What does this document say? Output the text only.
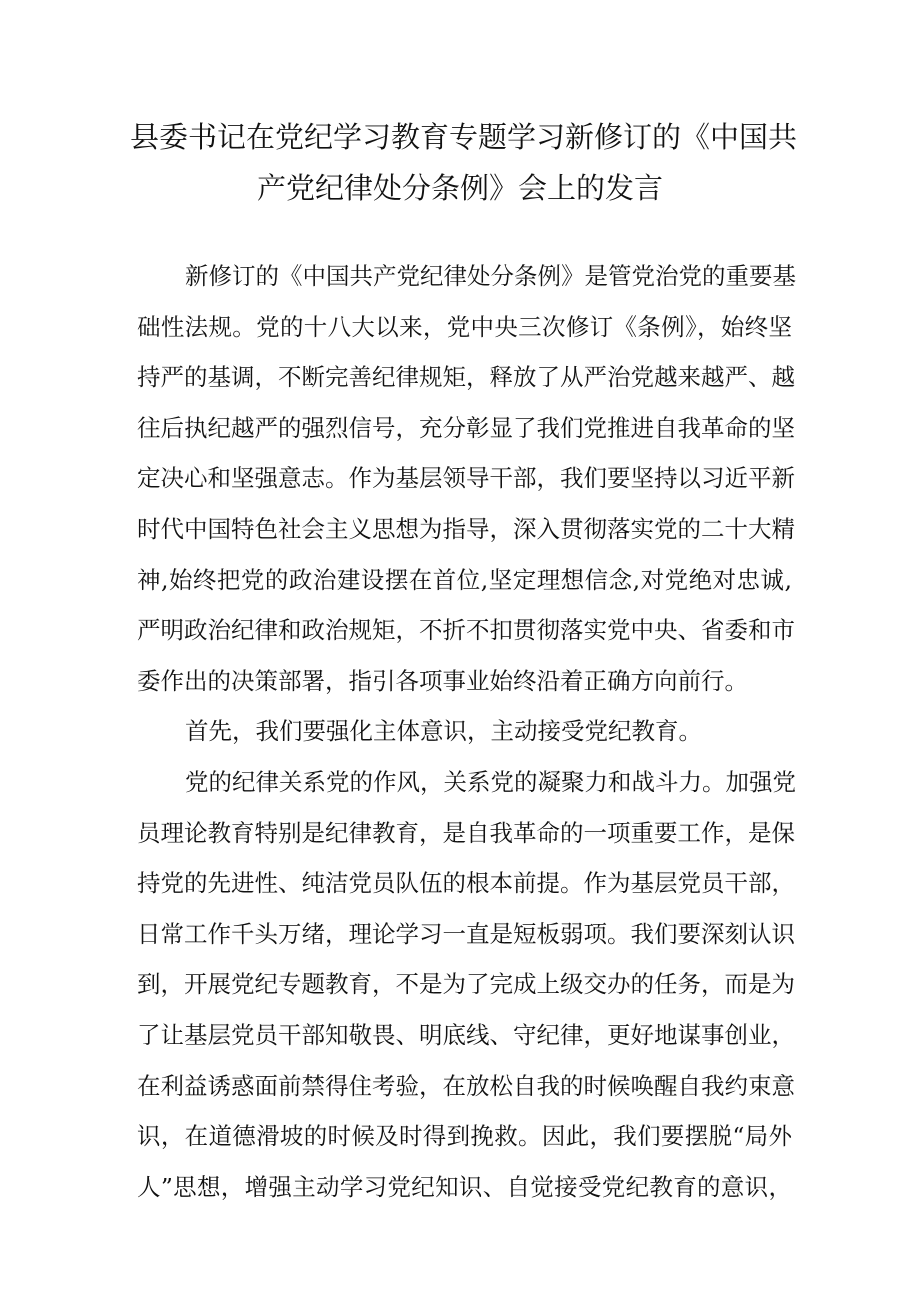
县委书记在党纪学习教育专题学习新修订的《中国共
产党纪律处分条例》会上的发言
新修订的《中国共产党纪律处分条例》是管党治党的重要基
础性法规。党的十八大以来，党中央三次修订《条例》，始终坚
持严的基调，不断完善纪律规矩，释放了从严治党越来越严、越
往后执纪越严的强烈信号，充分彰显了我们党推进自我革命的坚
定决心和坚强意志。作为基层领导干部，我们要坚持以习近平新
时代中国特色社会主义思想为指导，深入贯彻落实党的二十大精
神,始终把党的政治建设摆在首位,坚定理想信念,对党绝对忠诚,
严明政治纪律和政治规矩，不折不扣贯彻落实党中央、省委和市
委作出的决策部署，指引各项事业始终沿着正确方向前行。
首先，我们要强化主体意识，主动接受党纪教育。
党的纪律关系党的作风，关系党的凝聚力和战斗力。加强党
员理论教育特别是纪律教育，是自我革命的一项重要工作，是保
持党的先进性、纯洁党员队伍的根本前提。作为基层党员干部，
日常工作千头万绪，理论学习一直是短板弱项。我们要深刻认识
到，开展党纪专题教育，不是为了完成上级交办的任务，而是为
了让基层党员干部知敬畏、明底线、守纪律，更好地谋事创业，
在利益诱惑面前禁得住考验，在放松自我的时候唤醒自我约束意
识，在道德滑坡的时候及时得到挽救。因此，我们要摆脱“局外
人”思想，增强主动学习党纪知识、自觉接受党纪教育的意识，
